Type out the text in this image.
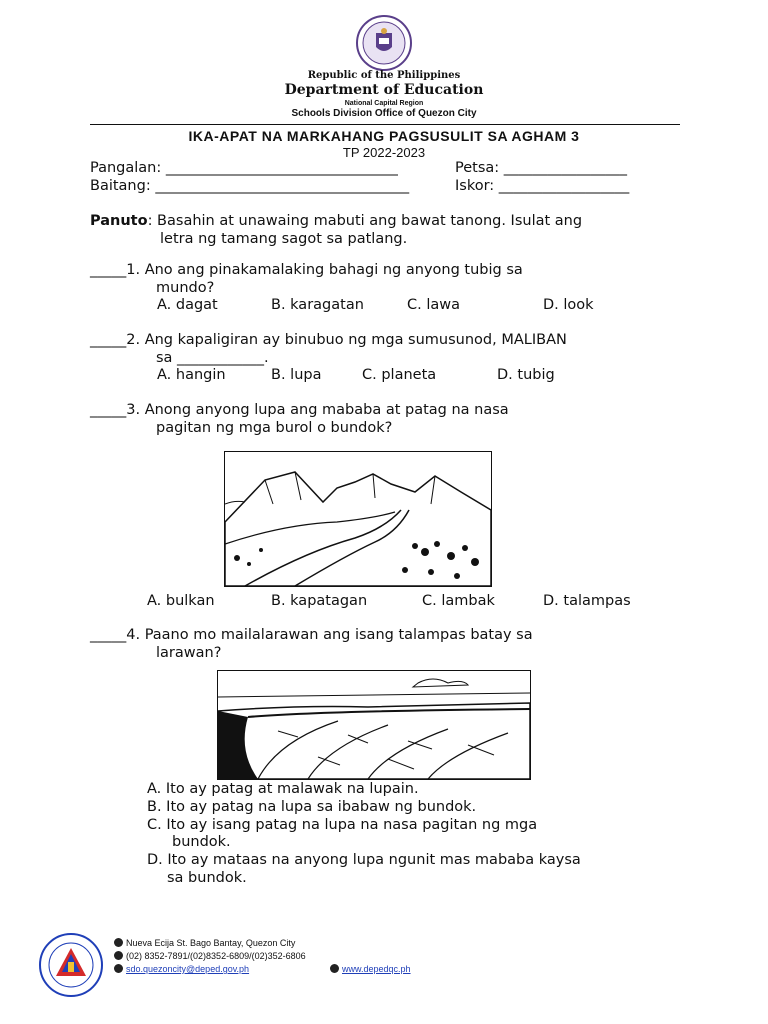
Republic of the Philippines
Department of Education
National Capital Region
Schools Division Office of Quezon City
IKA-APAT NA MARKAHANG PAGSUSULIT SA AGHAM 3
TP 2022-2023
Pangalan: ________________________________	Petsa: _________________
Baitang: ___________________________________	Iskor: __________________
Panuto: Basahin at unawaing mabuti ang bawat tanong. Isulat ang
letra ng tamang sagot sa patlang.
_____1. Ano ang pinakamalaking bahagi ng anyong tubig sa
mundo?
A. dagat	B. karagatan	C. lawa	D. look
_____2. Ang kapaligiran ay binubuo ng mga sumusunod, MALIBAN
sa ____________.
A. hangin	B. lupa	C. planeta	D. tubig
_____3. Anong anyong lupa ang mababa at patag na nasa
pagitan ng mga burol o bundok?
A. bulkan	B. kapatagan	C. lambak	D. talampas
_____4. Paano mo mailalarawan ang isang talampas batay sa
larawan?
A. Ito ay patag at malawak na lupain.
B. Ito ay patag na lupa sa ibabaw ng bundok.
C. Ito ay isang patag na lupa na nasa pagitan ng mga
bundok.
D. Ito ay mataas na anyong lupa ngunit mas mababa kaysa
sa bundok.
Nueva Ecija St. Bago Bantay, Quezon City
(02) 8352-7891/(02)8352-6809/(02)352-6806
sdo.quezoncity@deped.gov.ph	www.depedqc.ph
